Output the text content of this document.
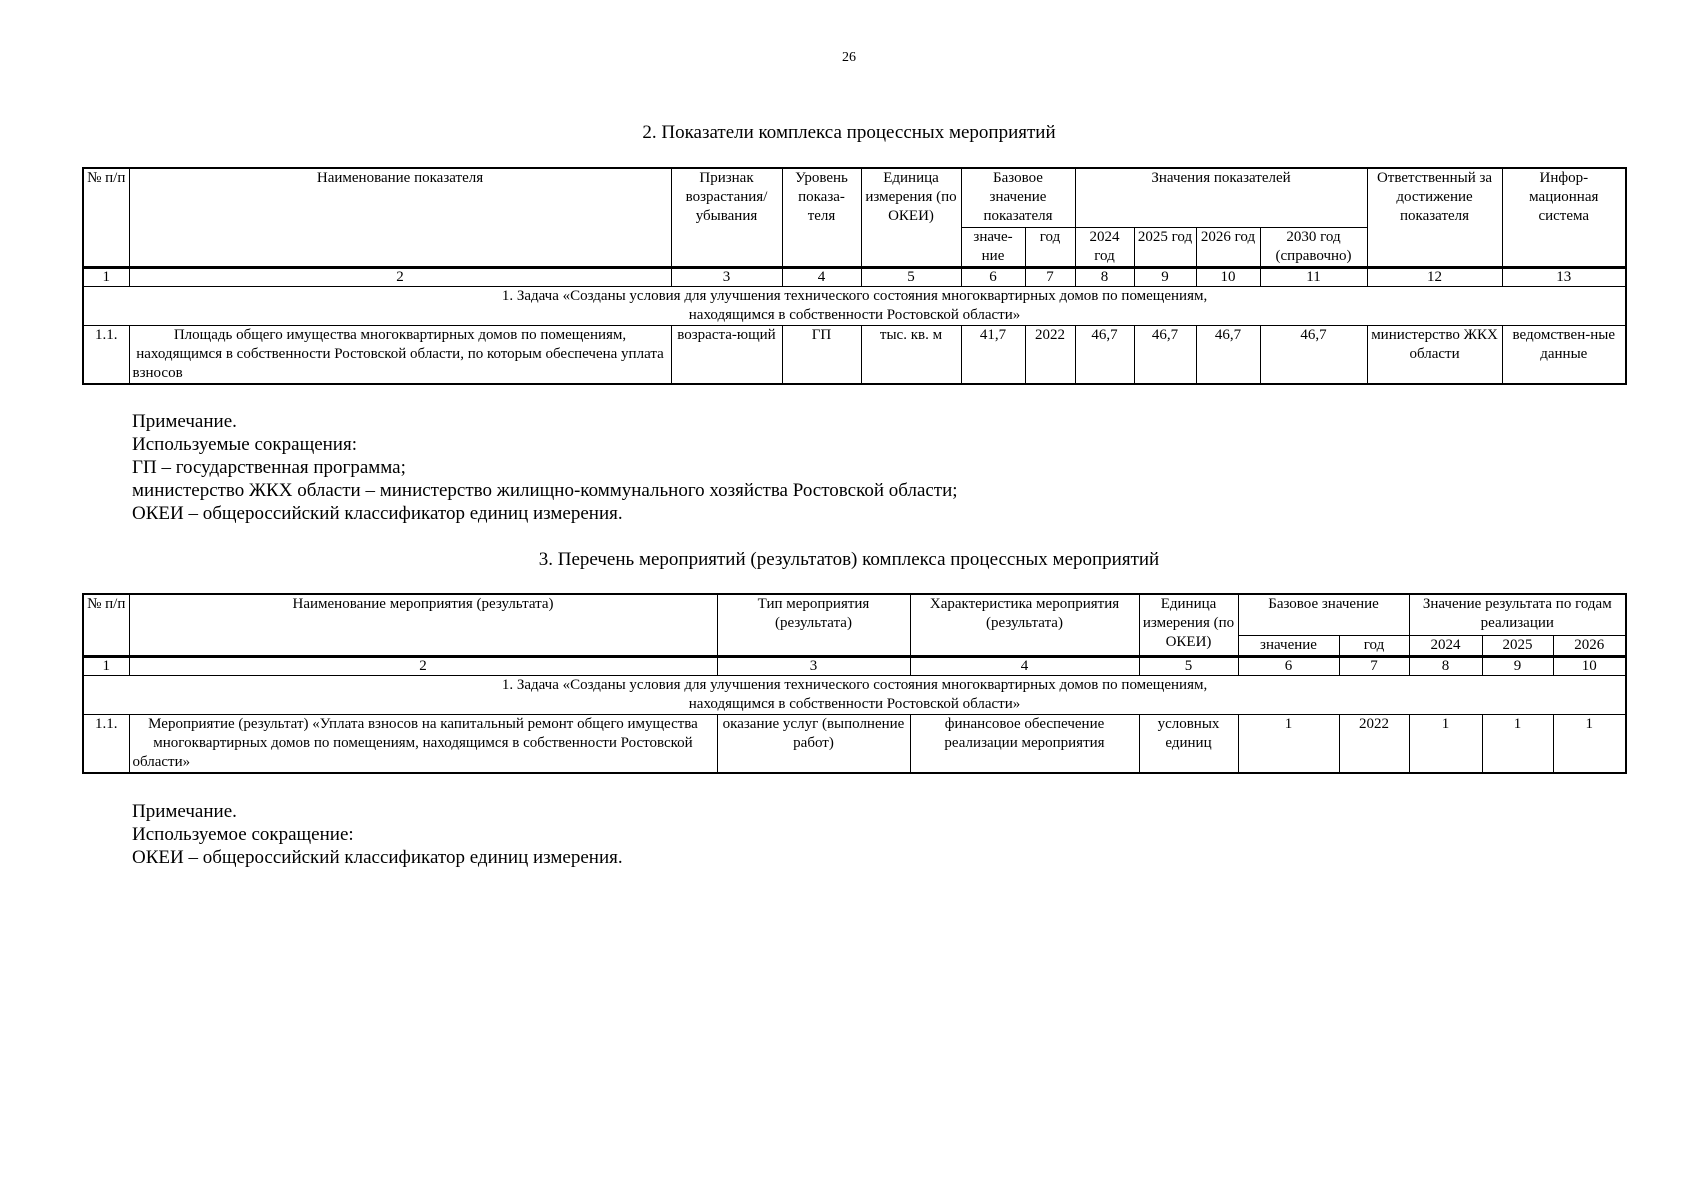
26
2. Показатели комплекса процессных мероприятий
№ п/п	Наименование показателя	Признак возрастания/ убывания	Уровень показа-теля	Единица измерения (по ОКЕИ)	Базовое значение показателя		Значения показателей				Ответственный за достижение показателя	Инфор-мационная система
					значе-ние	год	2024 год	2025 год	2026 год	2030 год (справочно)		
1	2	3	4	5	6	7	8	9	10	11	12	13
1. Задача «Созданы условия для улучшения технического состояния многоквартирных домов по помещениям, находящимся в собственности Ростовской области»												
1.1.	Площадь общего имущества многоквартирных домов по помещениям, находящимся в собственности Ростовской области, по которым обеспечена уплата взносов	возраста-ющий	ГП	тыс. кв. м	41,7	2022	46,7	46,7	46,7	46,7	министерство ЖКХ области	ведомствен-ные данные
Примечание.
Используемые сокращения:
ГП – государственная программа;
министерство ЖКХ области – министерство жилищно-коммунального хозяйства Ростовской области;
ОКЕИ – общероссийский классификатор единиц измерения.
3. Перечень мероприятий (результатов) комплекса процессных мероприятий
№ п/п	Наименование мероприятия (результата)	Тип мероприятия (результата)	Характеристика мероприятия (результата)	Единица измерения (по ОКЕИ)	Базовое значение		Значение результата по годам реализации		
					значение	год	2024	2025	2026
1	2	3	4	5	6	7	8	9	10
1. Задача «Созданы условия для улучшения технического состояния многоквартирных домов по помещениям, находящимся в собственности Ростовской области»									
1.1.	Мероприятие (результат) «Уплата взносов на капитальный ремонт общего имущества многоквартирных домов по помещениям, находящимся в собственности Ростовской области»	оказание услуг (выполнение работ)	финансовое обеспечение реализации мероприятия	условных единиц	1	2022	1	1	1
Примечание.
Используемое сокращение:
ОКЕИ – общероссийский классификатор единиц измерения.
